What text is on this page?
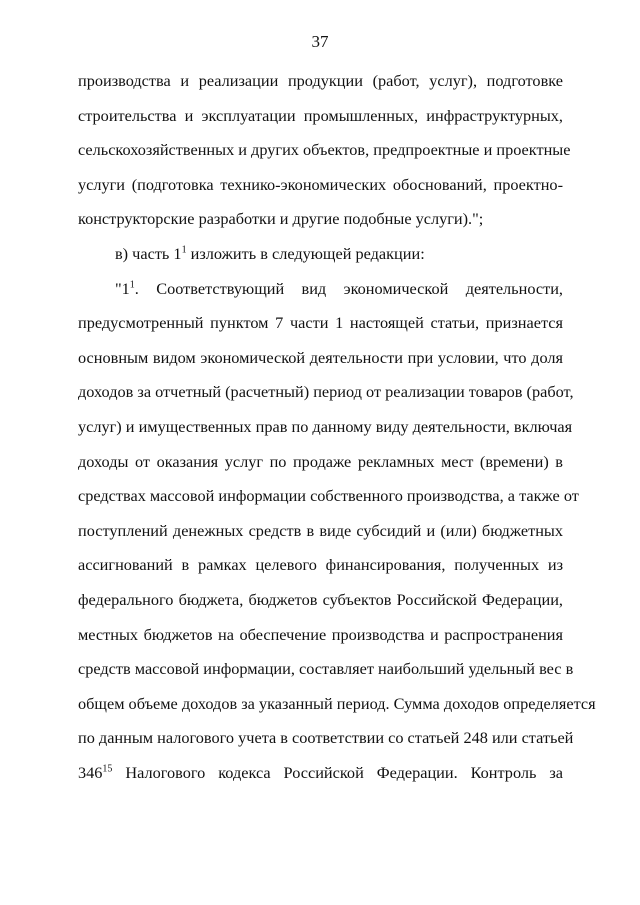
37
производства и реализации продукции (работ, услуг), подготовке
строительства и эксплуатации промышленных, инфраструктурных,
сельскохозяйственных и других объектов, предпроектные и проектные
услуги (подготовка технико-экономических обоснований, проектно-
конструкторские разработки и другие подобные услуги).";
в) часть $1^1$ изложить в следующей редакции:
"$1^1$. Соответствующий вид экономической деятельности,
предусмотренный пунктом 7 части 1 настоящей статьи, признается
основным видом экономической деятельности при условии, что доля
доходов за отчетный (расчетный) период от реализации товаров (работ,
услуг) и имущественных прав по данному виду деятельности, включая
доходы от оказания услуг по продаже рекламных мест (времени) в
средствах массовой информации собственного производства, а также от
поступлений денежных средств в виде субсидий и (или) бюджетных
ассигнований в рамках целевого финансирования, полученных из
федерального бюджета, бюджетов субъектов Российской Федерации,
местных бюджетов на обеспечение производства и распространения
средств массовой информации, составляет наибольший удельный вес в
общем объеме доходов за указанный период. Сумма доходов определяется
по данным налогового учета в соответствии со статьей 248 или статьей
$346^{15}$ Налогового кодекса Российской Федерации. Контроль за
